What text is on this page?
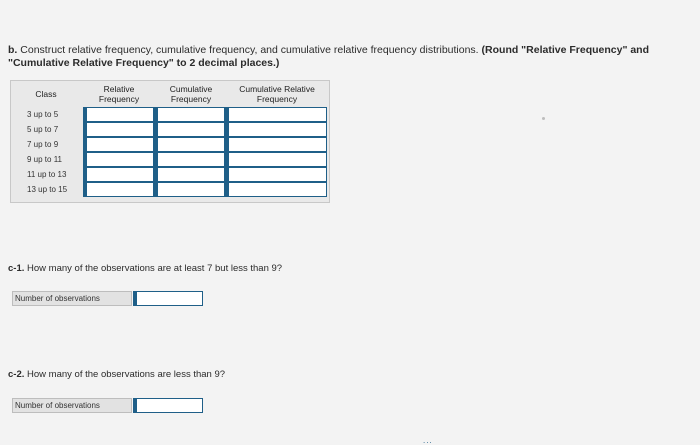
b. Construct relative frequency, cumulative frequency, and cumulative relative frequency distributions. (Round "Relative Frequency" and "Cumulative Relative Frequency" to 2 decimal places.)
Class	Relative Frequency
Cumulative Frequency
Cumulative Relative Frequency
3 up to 5
5 up to 7
7 up to 9
9 up to 11
11 up to 13
13 up to 15
c-1. How many of the observations are at least 7 but less than 9?
Number of observations
c-2. How many of the observations are less than 9?
Number of observations
...
